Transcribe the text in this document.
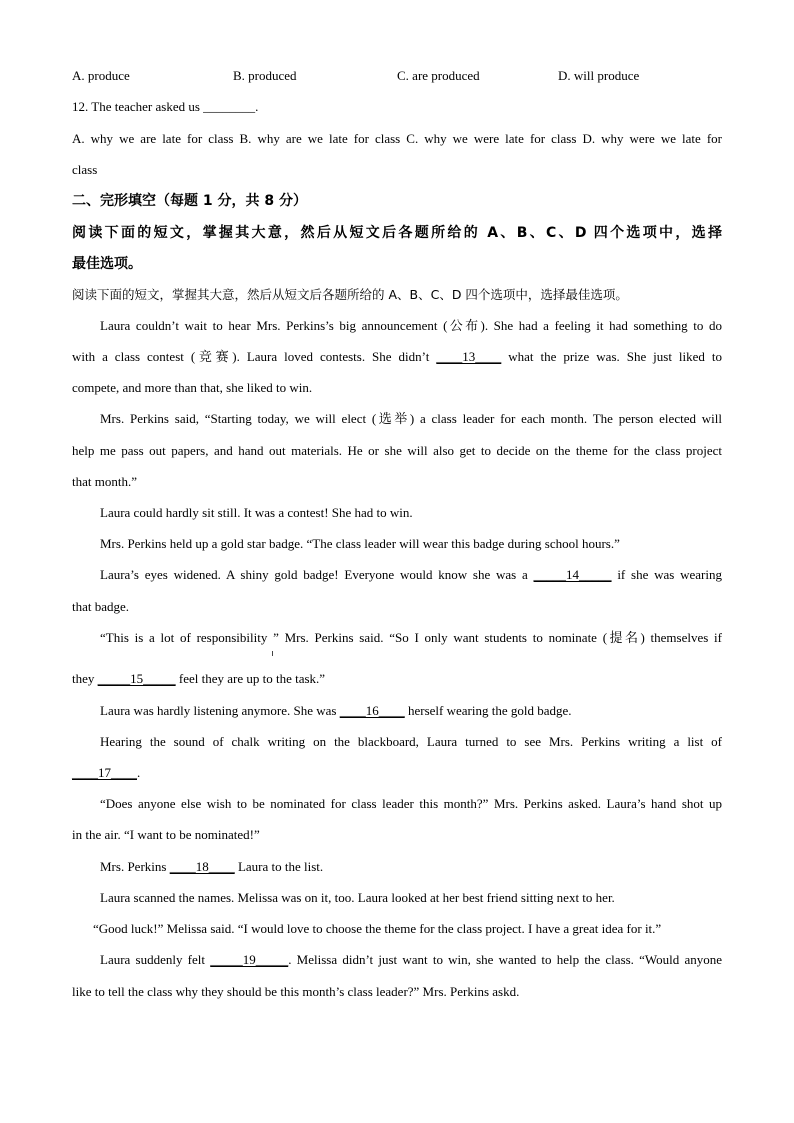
A. produce	B. produced	C. are produced	D. will produce
12. The teacher asked us ________.
A. why we are late for class B. why are we late for class C. why we were late for class D. why were we late for
class
二、完形填空（每题 1 分，共 8 分）
阅读下面的短文，掌握其大意，然后从短文后各题所给的 A、B、C、D 四个选项中，选择
最佳选项。
阅读下面的短文，掌握其大意，然后从短文后各题所给的 A、B、C、D 四个选项中，选择最佳选项。
Laura couldn’t wait to hear Mrs. Perkins’s big announcement (公布). She had a feeling it had something to do
with a class contest (竞赛). Laura loved contests. She didn’t ____13____ what the prize was. She just liked to
compete, and more than that, she liked to win.
Mrs. Perkins said, “Starting today, we will elect (选举) a class leader for each month. The person elected will
help me pass out papers, and hand out materials. He or she will also get to decide on the theme for the class project
that month.”
Laura could hardly sit still. It was a contest! She had to win.
Mrs. Perkins held up a gold star badge. “The class leader will wear this badge during school hours.”
Laura’s eyes widened. A shiny gold badge! Everyone would know she was a _____14_____ if she was wearing
that badge.
“This is a lot of responsibility ” Mrs. Perkins said. “So I only want students to nominate (提名) themselves if
they _____15_____ feel they are up to the task.”
Laura was hardly listening anymore. She was ____16____ herself wearing the gold badge.
Hearing the sound of chalk writing on the blackboard, Laura turned to see Mrs. Perkins writing a list of
____17____.
“Does anyone else wish to be nominated for class leader this month?” Mrs. Perkins asked. Laura’s hand shot up
in the air. “I want to be nominated!”
Mrs. Perkins ____18____ Laura to the list.
Laura scanned the names. Melissa was on it, too. Laura looked at her best friend sitting next to her.
“Good luck!” Melissa said. “I would love to choose the theme for the class project. I have a great idea for it.”
Laura suddenly felt _____19_____. Melissa didn’t just want to win, she wanted to help the class. “Would anyone
like to tell the class why they should be this month’s class leader?” Mrs. Perkins askd.
